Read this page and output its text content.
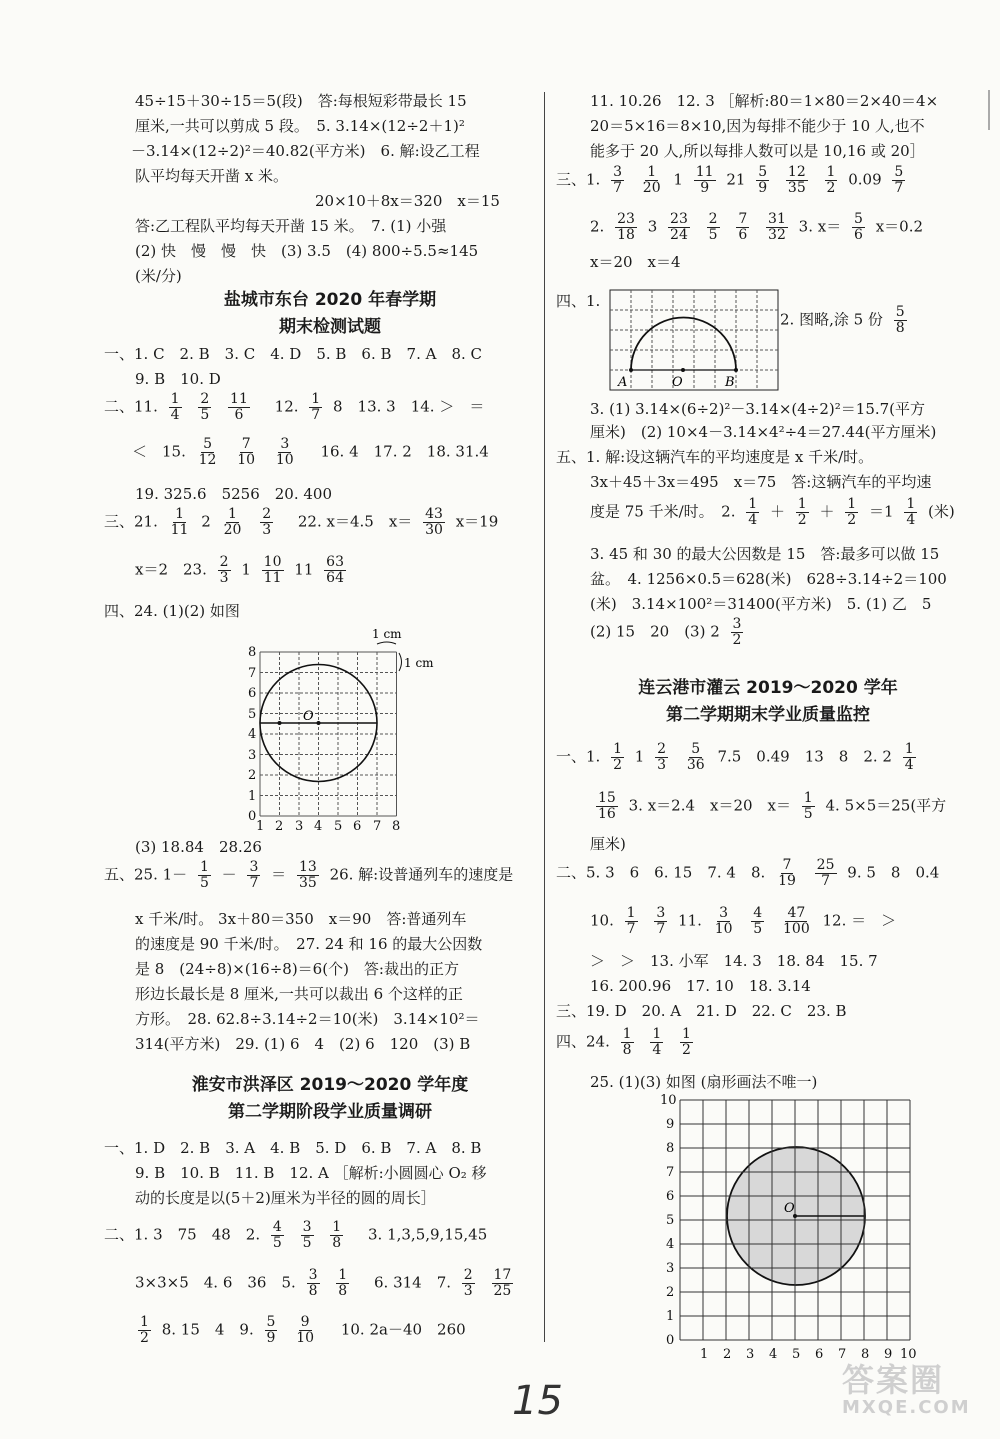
45÷15＋30÷15＝5(段)　答:每根短彩带最长 15
厘米,一共可以剪成 5 段。　5. 3.14×(12÷2＋1)²
－3.14×(12÷2)²＝40.82(平方米)　6. 解:设乙工程
队平均每天开凿 x 米。
20×10＋8x＝320　x＝15
答:乙工程队平均每天开凿 15 米。　7. (1) 小强
(2) 快　慢　慢　快　(3) 3.5　(4) 800÷5.5≈145
(米/分)
盐城市东台 2020 年春学期
期末检测试题
一、1. C　2. B　3. C　4. D　5. B　6. B　7. A　8. C
9. B　10. D
二、11. $\frac{1}{4}$
$\frac{2}{5}$
$\frac{11}{6} 12$. $\frac{1}{7} 8$　13. 3　14. ＞　＝
＜　15. $\frac{5}{12}$
$\frac{7}{10}$
$\frac{3}{10} 16$. 4　17. 2　18. 31.4
19. 325.6　5256　20. 400
三、21. $\frac{1}{11} 2 \frac{1}{20}$
$\frac{2}{3} 22$. x＝4.5　$x= \frac{43}{30} x=19$
x＝2　23. $\frac{2}{3} 1 \frac{10}{11} 11 \frac{63}{64}$
四、24. (1)(2) 如图
O
0
1
2
3
4
5
6
7
8
1 2 3 4 5 6 7 8
1 cm
1 cm
(3) 18.84　28.26
五、25. $1- \frac{1}{5} - \frac{3}{7} = \frac{13}{35} 26$. 解:设普通列车的速度是
x 千米/时。 3x＋80＝350　x＝90　答:普通列车
的速度是 90 千米/时。　27. 24 和 16 的最大公因数
是 8　(24÷8)×(16÷8)＝6(个)　答:裁出的正方
形边长最长是 8 厘米,一共可以裁出 6 个这样的正
方形。　28. 62.8÷3.14÷2＝10(米)　3.14×10²＝
314(平方米)　29. (1) 6　4　(2) 6　120　(3) B
淮安市洪泽区 2019～2020 学年度
第二学期阶段学业质量调研
一、1. D　2. B　3. A　4. B　5. D　6. B　7. A　8. B
9. B　10. B　11. B　12. A ［解析:小圆圆心 O₂ 移
动的长度是以(5＋2)厘米为半径的圆的周长］
二、1. 3　75　48　2. $\frac{4}{5}$
$\frac{3}{5}$
$\frac{1}{8} 3$. 1,3,5,9,15,45
3×3×5　4. 6　36　5. $\frac{3}{8}$
$\frac{1}{8} 6$. 314　7. $\frac{2}{3}$
$\frac{17}{25}$
$\frac{1}{2} 8$. 15　4　9. $\frac{5}{9}$
$\frac{9}{10} 10$. 2a－40　260
11. 10.26　12. 3 ［解析:80＝1×80＝2×40＝4×
20＝5×16＝8×10,因为每排不能少于 10 人,也不
能多于 20 人,所以每排人数可以是 10,16 或 20］
三、1. $\frac{3}{7}$
$\frac{1}{20} 1 \frac{11}{9} 21 \frac{5}{9}$
$\frac{12}{35}$
$\frac{1}{2} 0.09 \frac{5}{7}$
2. $\frac{23}{18} 3 \frac{23}{24}$
$\frac{2}{5}$
$\frac{7}{6}$
$\frac{31}{32} 3$. $x= \frac{5}{6} x=0.2$
x＝20　x＝4
四、1.
A	O	B
2. 图略,涂 5 份 $\frac{5}{8}$
3. (1) 3.14×(6÷2)²－3.14×(4÷2)²＝15.7(平方
厘米)　(2) 10×4－3.14×4²÷4＝27.44(平方厘米)
五、1. 解:设这辆汽车的平均速度是 x 千米/时。
3x＋45＋3x＝495　x＝75　答:这辆汽车的平均速
度是 75 千米/时。　2. $\frac{1}{4} + \frac{1}{2} + \frac{1}{2} =1 \frac{1}{4}$ (米)
3. 45 和 30 的最大公因数是 15　答:最多可以做 15
盆。　4. 1256×0.5＝628(米)　628÷3.14÷2＝100
(米)　3.14×100²＝31400(平方米)　5. (1) 乙　5
(2) 15　20　(3) $2 \frac{3}{2}$
连云港市灌云 2019～2020 学年
第二学期期末学业质量监控
一、1. $\frac{1}{2} 1 \frac{2}{3}$
$\frac{5}{36} 7.5$　0.49　13　8　2. $2 \frac{1}{4}$
$\frac{15}{16} 3$. x＝2.4　x＝20　$x= \frac{1}{5} 4$. 5×5＝25(平方
厘米)
二、5. 3　6　6. 15　7. 4　8. $\frac{7}{19}$
$\frac{25}{7} 9$. 5　8　0.4
10. $\frac{1}{7}$
$\frac{3}{7} 11$. $\frac{3}{10}$
$\frac{4}{5}$
$\frac{47}{100} 12$. ＝　＞
＞　＞　13. 小军　14. 3　18. 84　15. 7
16. 200.96　17. 10　18. 3.14
三、19. D　20. A　21. D　22. C　23. B
四、24. $\frac{1}{8}$
$\frac{1}{4}$
$\frac{1}{2}$
25. (1)(3) 如图 (扇形画法不唯一)
O
10
9
8
7
6
5
4
3
2
1
0
1 2 3 4 5 6 7 8 9 10
15	答案圈
MXQE.COM
